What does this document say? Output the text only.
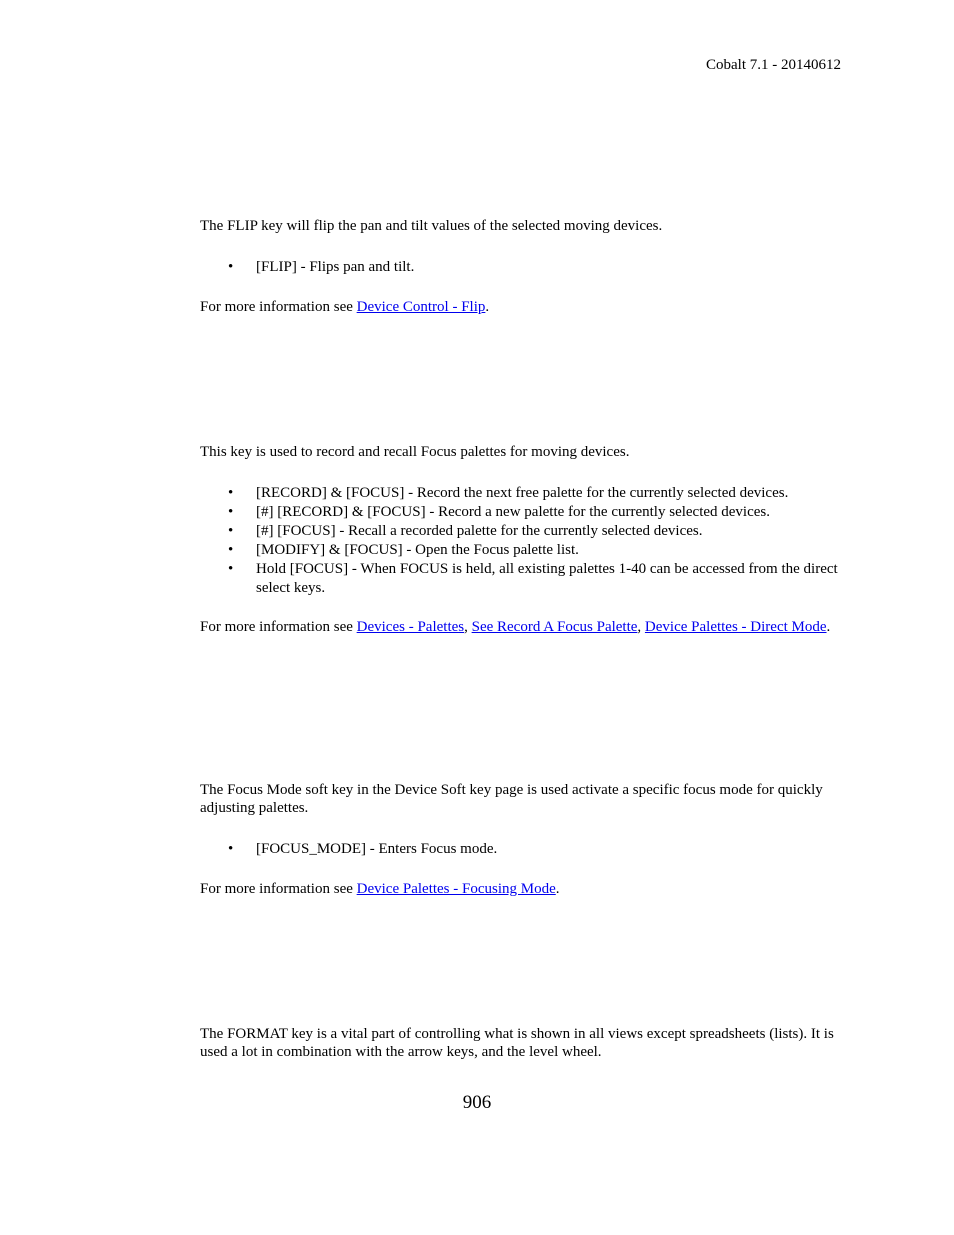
Cobalt 7.1 - 20140612

The FLIP key will flip the pan and tilt values of the selected moving devices.

• [FLIP] - Flips pan and tilt.

For more information see Device Control - Flip.

This key is used to record and recall Focus palettes for moving devices.

• [RECORD] & [FOCUS] - Record the next free palette for the currently selected devices.
• [#] [RECORD] & [FOCUS] - Record a new palette for the currently selected devices.
• [#] [FOCUS] - Recall a recorded palette for the currently selected devices.
• [MODIFY] & [FOCUS] - Open the Focus palette list.
• Hold [FOCUS] - When FOCUS is held, all existing palettes 1-40 can be accessed from the direct select keys.

For more information see Devices - Palettes, See Record A Focus Palette, Device Palettes - Direct Mode.

The Focus Mode soft key in the Device Soft key page is used activate a specific focus mode for quickly adjusting palettes.

• [FOCUS_MODE] - Enters Focus mode.

For more information see Device Palettes - Focusing Mode.

The FORMAT key is a vital part of controlling what is shown in all views except spreadsheets (lists). It is used a lot in combination with the arrow keys, and the level wheel.

906
